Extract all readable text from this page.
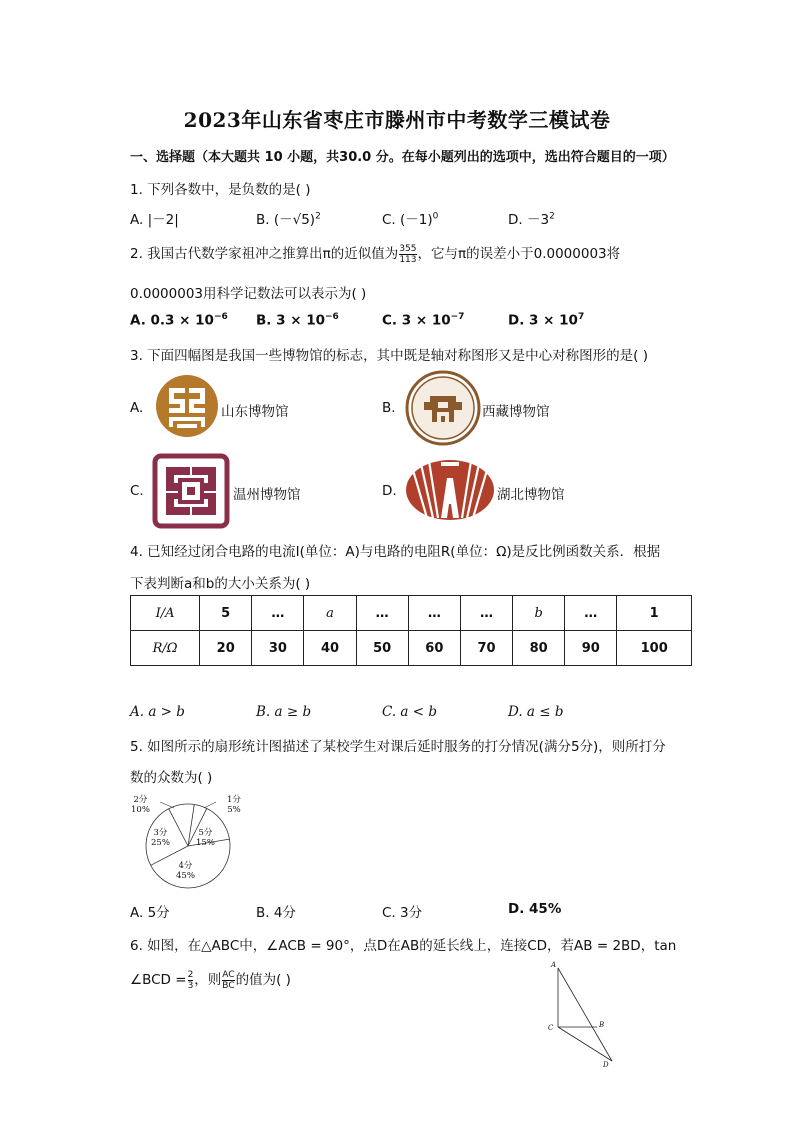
2023年山东省枣庄市滕州市中考数学三模试卷
一、选择题（本大题共 10 小题，共30.0 分。在每小题列出的选项中，选出符合题目的一项）
1. 下列各数中，是负数的是( )
A. |－2|	B. $(-√5)^2$	C. $(-1)^0$	D. $-3^2$
2. 我国古代数学家祖冲之推算出π的近似值为 $\frac{355}{113}$ ，它与π的误差小于0.0000003将
0.0000003用科学记数法可以表示为( )
A. $0.3 \times 10^{-6}$ B. $3 \times 10^{-6}$	C. $3 \times 10^{-7}$	D. $3 \times 10^7$
3. 下面四幅图是我国一些博物馆的标志，其中既是轴对称图形又是中心对称图形的是( )
A.	山东博物馆	B.	西藏博物馆
C.	温州博物馆	D.	湖北博物馆
4. 已知经过闭合电路的电流I(单位：A)与电路的电阻R(单位：Ω)是反比例函数关系．根据
下表判断a和b的大小关系为( )
I/A	5	…	a	…	…	…	b	…	1
R/Ω	20	30	40	50	60	70	80	90	100
A. a > b	B. a ≥ b	C. a < b	D. a ≤ b
5. 如图所示的扇形统计图描述了某校学生对课后延时服务的打分情况(满分5分)，则所打分
数的众数为( )
2分
10%
1分
5%
3分
25%
5分
15%
4分
45%
A. 5分	B. 4分	C. 3分	D. 45%
6. 如图，在△ABC中，∠ACB = 90°，点D在AB的延长线上，连接CD，若AB = 2BD，tan
∠BCD = $\frac{2}{3}$ ，则 $\frac{AC}{BC}$ 的值为( )
A
C	B
D
